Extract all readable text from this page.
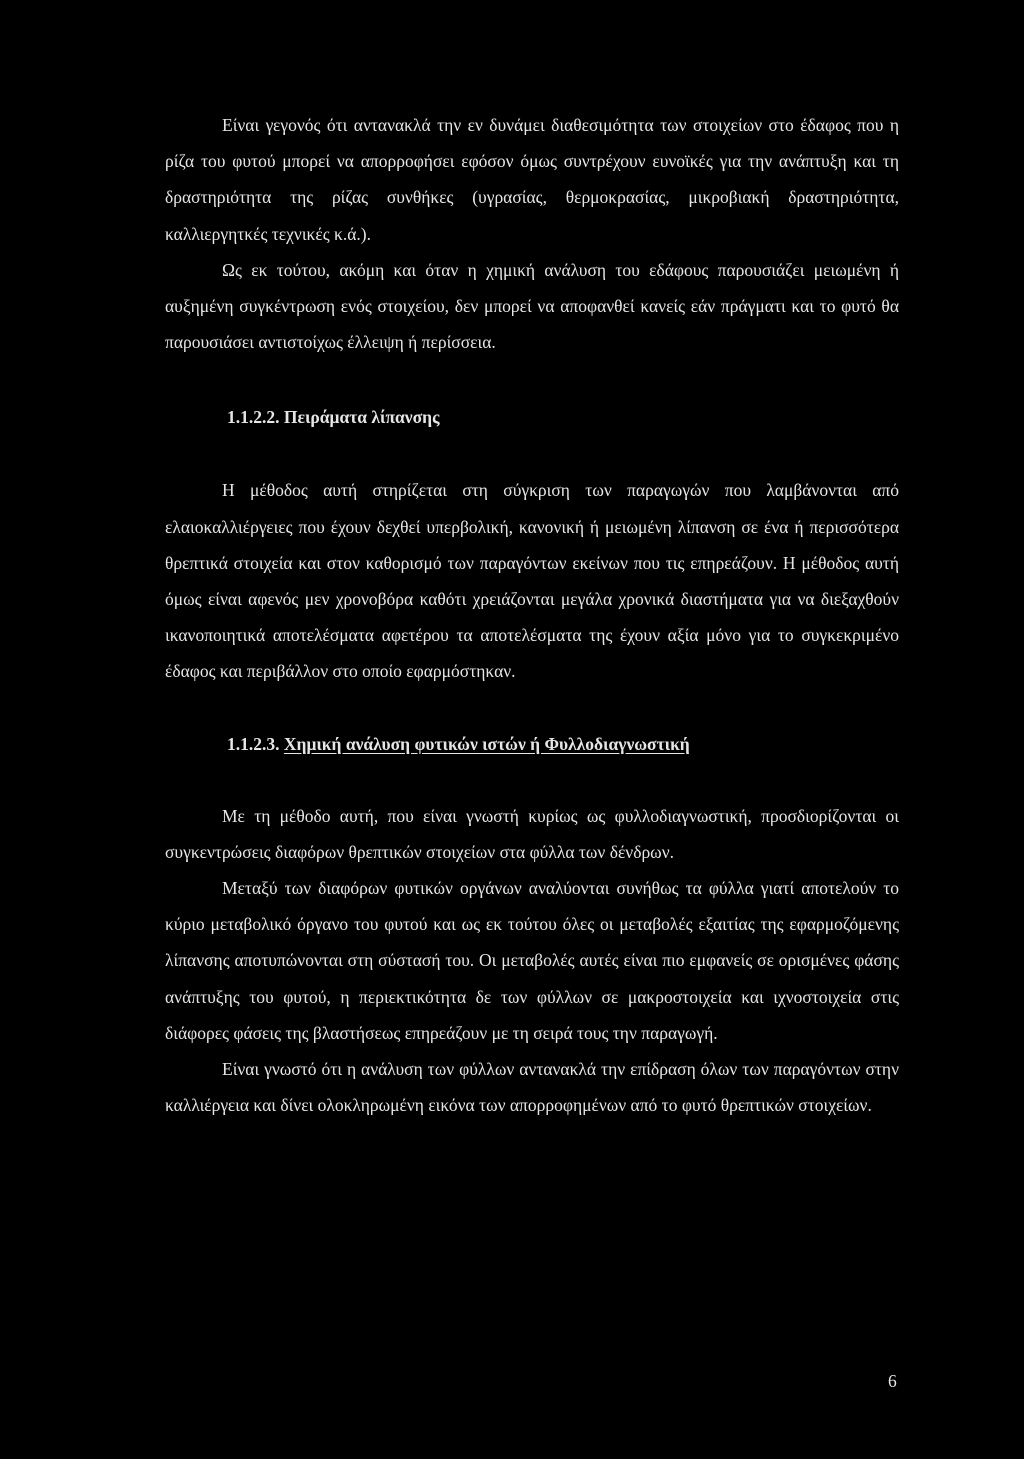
Είναι γεγονός ότι αντανακλά την εν δυνάμει διαθεσιμότητα των στοιχείων στο έδαφος που η ρίζα του φυτού μπορεί να απορροφήσει εφόσον όμως συντρέχουν ευνοϊκές για την ανάπτυξη και τη δραστηριότητα της ρίζας συνθήκες (υγρασίας, θερμοκρασίας, μικροβιακή δραστηριότητα, καλλιεργητκές τεχνικές κ.ά.).

Ως εκ τούτου, ακόμη και όταν η χημική ανάλυση του εδάφους παρουσιάζει μειωμένη ή αυξημένη συγκέντρωση ενός στοιχείου, δεν μπορεί να αποφανθεί κανείς εάν πράγματι και το φυτό θα παρουσιάσει αντιστοίχως έλλειψη ή περίσσεια.

1.1.2.2. Πειράματα λίπανσης

Η μέθοδος αυτή στηρίζεται στη σύγκριση των παραγωγών που λαμβάνονται από ελαιοκαλλιέργειες που έχουν δεχθεί υπερβολική, κανονική ή μειωμένη λίπανση σε ένα ή περισσότερα θρεπτικά στοιχεία και στον καθορισμό των παραγόντων εκείνων που τις επηρεάζουν. Η μέθοδος αυτή όμως είναι αφενός μεν χρονοβόρα καθότι χρειάζονται μεγάλα χρονικά διαστήματα για να διεξαχθούν ικανοποιητικά αποτελέσματα αφετέρου τα αποτελέσματα της έχουν αξία μόνο για το συγκεκριμένο έδαφος και περιβάλλον στο οποίο εφαρμόστηκαν.

1.1.2.3. Χημική ανάλυση φυτικών ιστών ή Φυλλοδιαγνωστική

Με τη μέθοδο αυτή, που είναι γνωστή κυρίως ως φυλλοδιαγνωστική, προσδιορίζονται οι συγκεντρώσεις διαφόρων θρεπτικών στοιχείων στα φύλλα των δένδρων.

Μεταξύ των διαφόρων φυτικών οργάνων αναλύονται συνήθως τα φύλλα γιατί αποτελούν το κύριο μεταβολικό όργανο του φυτού και ως εκ τούτου όλες οι μεταβολές εξαιτίας της εφαρμοζόμενης λίπανσης αποτυπώνονται στη σύστασή του. Οι μεταβολές αυτές είναι πιο εμφανείς σε ορισμένες φάσης ανάπτυξης του φυτού, η περιεκτικότητα δε των φύλλων σε μακροστοιχεία και ιχνοστοιχεία στις διάφορες φάσεις της βλαστήσεως επηρεάζουν με τη σειρά τους την παραγωγή.

Είναι γνωστό ότι η ανάλυση των φύλλων αντανακλά την επίδραση όλων των παραγόντων στην καλλιέργεια και δίνει ολοκληρωμένη εικόνα των απορροφημένων από το φυτό θρεπτικών στοιχείων.

6
